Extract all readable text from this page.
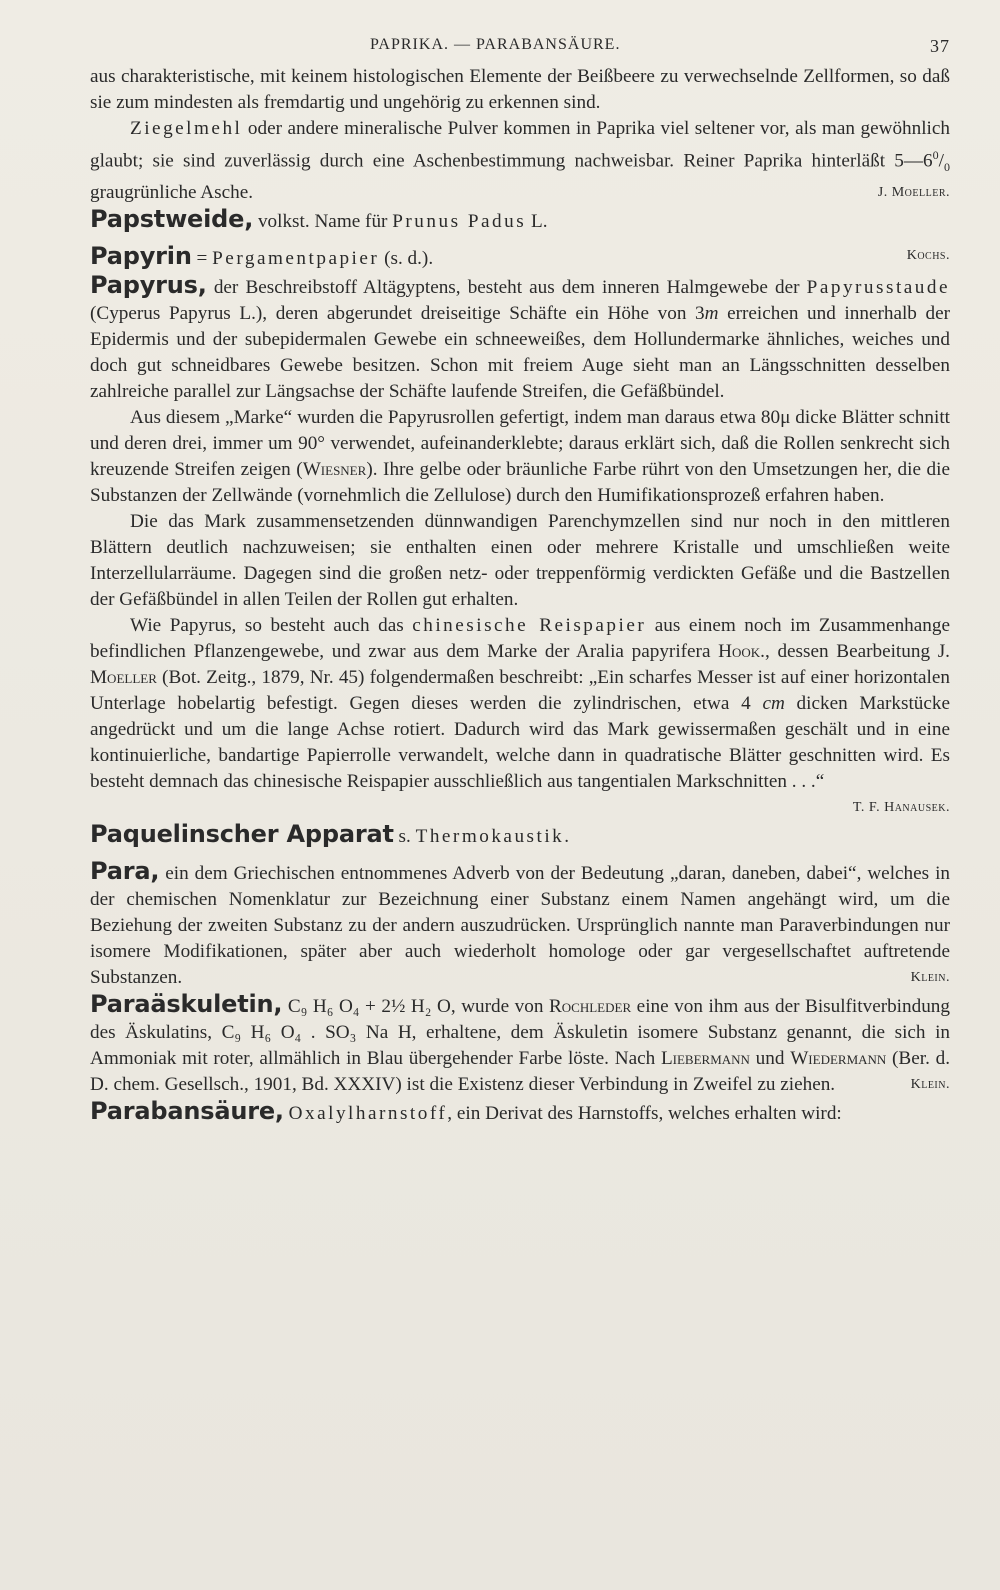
PAPRIKA. — PARABANSÄURE.	37

aus charakteristische, mit keinem histologischen Elemente der Beißbeere zu verwechselnde Zellformen, so daß sie zum mindesten als fremdartig und ungehörig zu erkennen sind.

Ziegelmehl oder andere mineralische Pulver kommen in Paprika viel seltener vor, als man gewöhnlich glaubt; sie sind zuverlässig durch eine Aschenbestimmung nachweisbar. Reiner Paprika hinterläßt $5—6^0/_0$ graugrünliche Asche.	J. Moeller.

Papstweide, volkst. Name für Prunus Padus L.

Papyrin = Pergamentpapier (s. d.).	Kochs.

Papyrus, der Beschreibstoff Altägyptens, besteht aus dem inneren Halmgewebe der Papyrusstaude (Cyperus Papyrus L.), deren abgerundet dreiseitige Schäfte ein Höhe von 3m erreichen und innerhalb der Epidermis und der subepidermalen Gewebe ein schneeweißes, dem Hollundermarke ähnliches, weiches und doch gut schneidbares Gewebe besitzen. Schon mit freiem Auge sieht man an Längsschnitten desselben zahlreiche parallel zur Längsachse der Schäfte laufende Streifen, die Gefäßbündel.

Aus diesem „Marke“ wurden die Papyrusrollen gefertigt, indem man daraus etwa 80μ dicke Blätter schnitt und deren drei, immer um 90° verwendet, aufeinanderklebte; daraus erklärt sich, daß die Rollen senkrecht sich kreuzende Streifen zeigen (Wiesner). Ihre gelbe oder bräunliche Farbe rührt von den Umsetzungen her, die die Substanzen der Zellwände (vornehmlich die Zellulose) durch den Humifikationsprozeß erfahren haben.

Die das Mark zusammensetzenden dünnwandigen Parenchymzellen sind nur noch in den mittleren Blättern deutlich nachzuweisen; sie enthalten einen oder mehrere Kristalle und umschließen weite Interzellularräume. Dagegen sind die großen netz- oder treppenförmig verdickten Gefäße und die Bastzellen der Gefäßbündel in allen Teilen der Rollen gut erhalten.

Wie Papyrus, so besteht auch das chinesische Reispapier aus einem noch im Zusammenhange befindlichen Pflanzengewebe, und zwar aus dem Marke der Aralia papyrifera Hook., dessen Bearbeitung J. Moeller (Bot. Zeitg., 1879, Nr. 45) folgendermaßen beschreibt: „Ein scharfes Messer ist auf einer horizontalen Unterlage hobelartig befestigt. Gegen dieses werden die zylindrischen, etwa 4 cm dicken Markstücke angedrückt und um die lange Achse rotiert. Dadurch wird das Mark gewissermaßen geschält und in eine kontinuierliche, bandartige Papierrolle verwandelt, welche dann in quadratische Blätter geschnitten wird. Es besteht demnach das chinesische Reispapier ausschließlich aus tangentialen Markschnitten . . .“

T. F. Hanausek.

Paquelinscher Apparat s. Thermokaustik.

Para, ein dem Griechischen entnommenes Adverb von der Bedeutung „daran, daneben, dabei“, welches in der chemischen Nomenklatur zur Bezeichnung einer Substanz einem Namen angehängt wird, um die Beziehung der zweiten Substanz zu der andern auszudrücken. Ursprünglich nannte man Paraverbindungen nur isomere Modifikationen, später aber auch wiederholt homologe oder gar vergesellschaftet auftretende Substanzen.	Klein.

Paraäskuletin, C₉ H₆ O₄ + 2½ H₂ O, wurde von Rochleder eine von ihm aus der Bisulfitverbindung des Äskulatins, C₉ H₆ O₄ . SO₃ Na H, erhaltene, dem Äskuletin isomere Substanz genannt, die sich in Ammoniak mit roter, allmählich in Blau übergehender Farbe löste. Nach Liebermann und Wiedermann (Ber. d. D. chem. Gesellsch., 1901, Bd. XXXIV) ist die Existenz dieser Verbindung in Zweifel zu ziehen.	Klein.

Parabansäure, Oxalylharnstoff, ein Derivat des Harnstoffs, welches erhalten wird:
